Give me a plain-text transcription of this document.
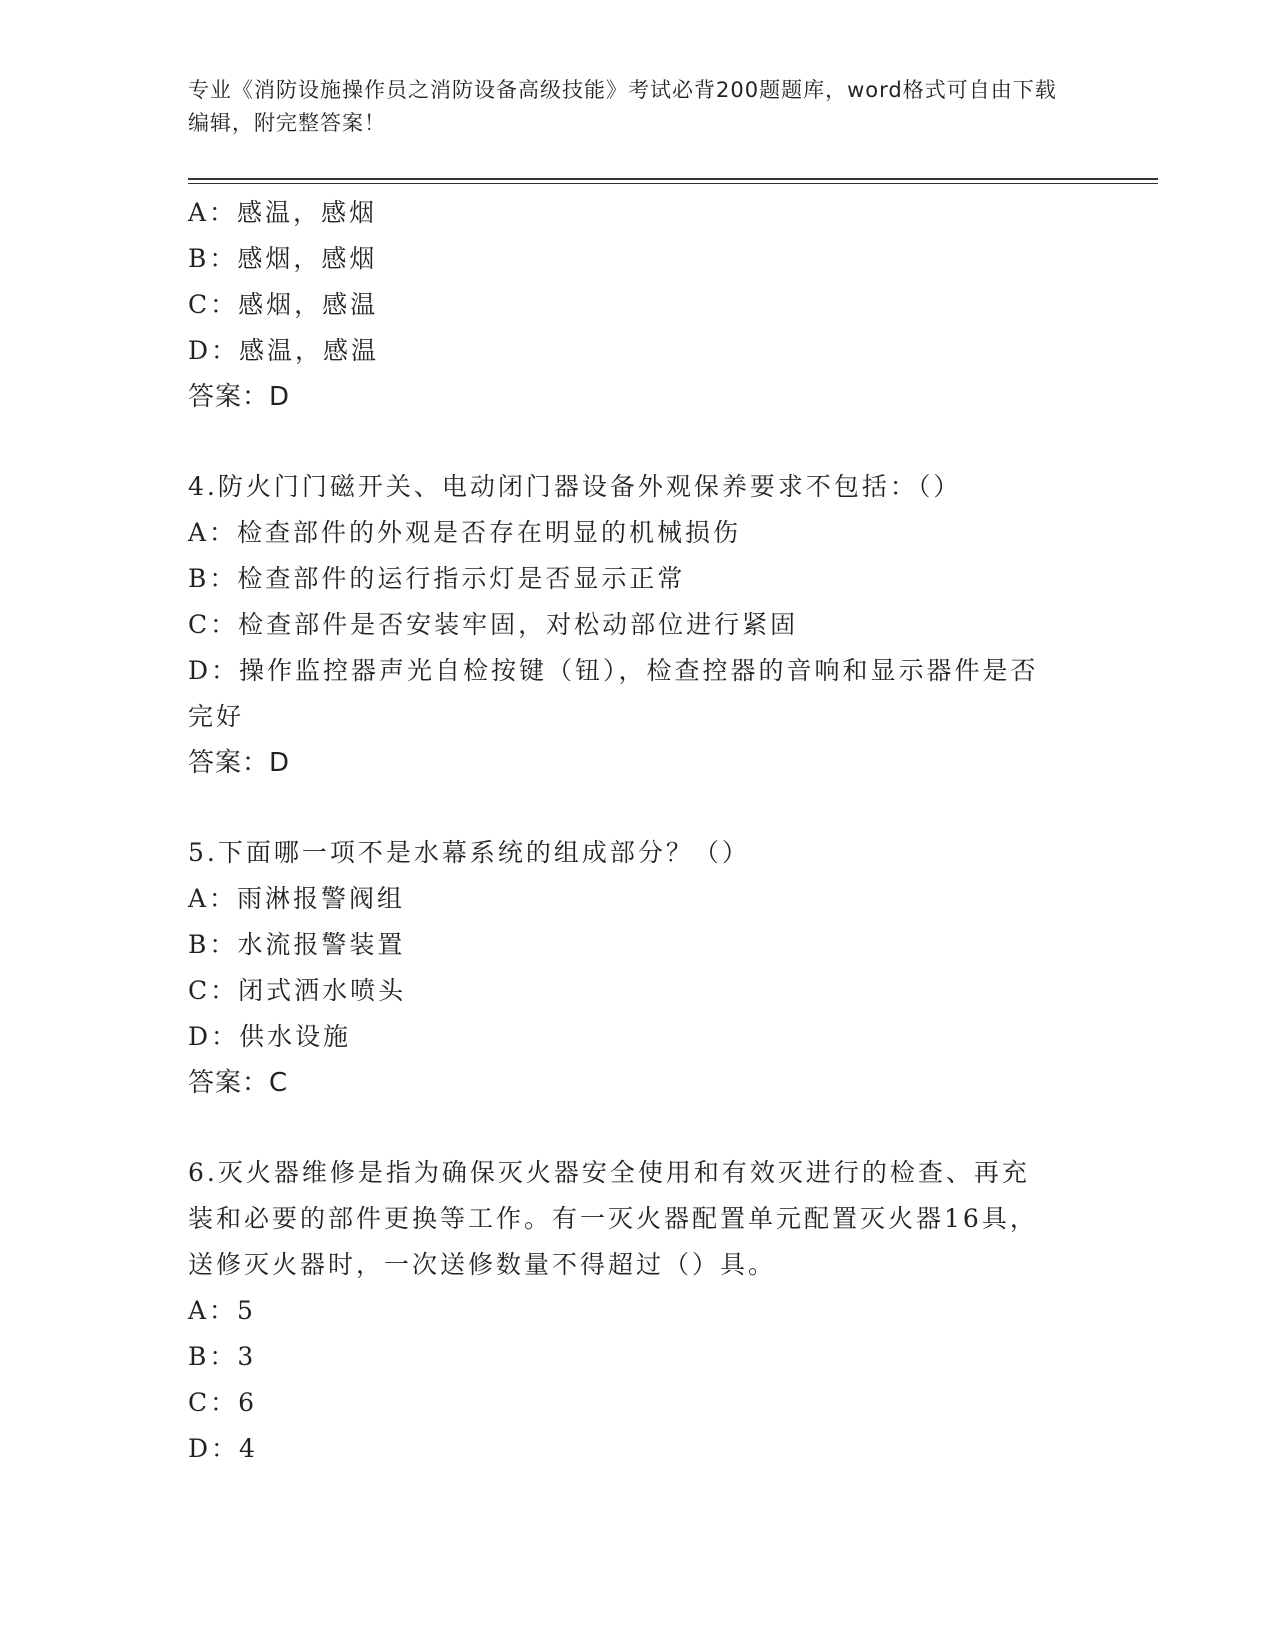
专业《消防设施操作员之消防设备高级技能》考试必背200题题库，word格式可自由下载编辑，附完整答案！
A：感温，感烟
B：感烟，感烟
C：感烟，感温
D：感温，感温
答案：D
4.防火门门磁开关、电动闭门器设备外观保养要求不包括：（）
A：检查部件的外观是否存在明显的机械损伤
B：检查部件的运行指示灯是否显示正常
C：检查部件是否安装牢固，对松动部位进行紧固
D：操作监控器声光自检按键（钮），检查控器的音响和显示器件是否完好
答案：D
5.下面哪一项不是水幕系统的组成部分？（）
A：雨淋报警阀组
B：水流报警装置
C：闭式洒水喷头
D：供水设施
答案：C
6.灭火器维修是指为确保灭火器安全使用和有效灭进行的检查、再充装和必要的部件更换等工作。有一灭火器配置单元配置灭火器16具，送修灭火器时，一次送修数量不得超过（）具。
A：5
B：3
C：6
D：4
